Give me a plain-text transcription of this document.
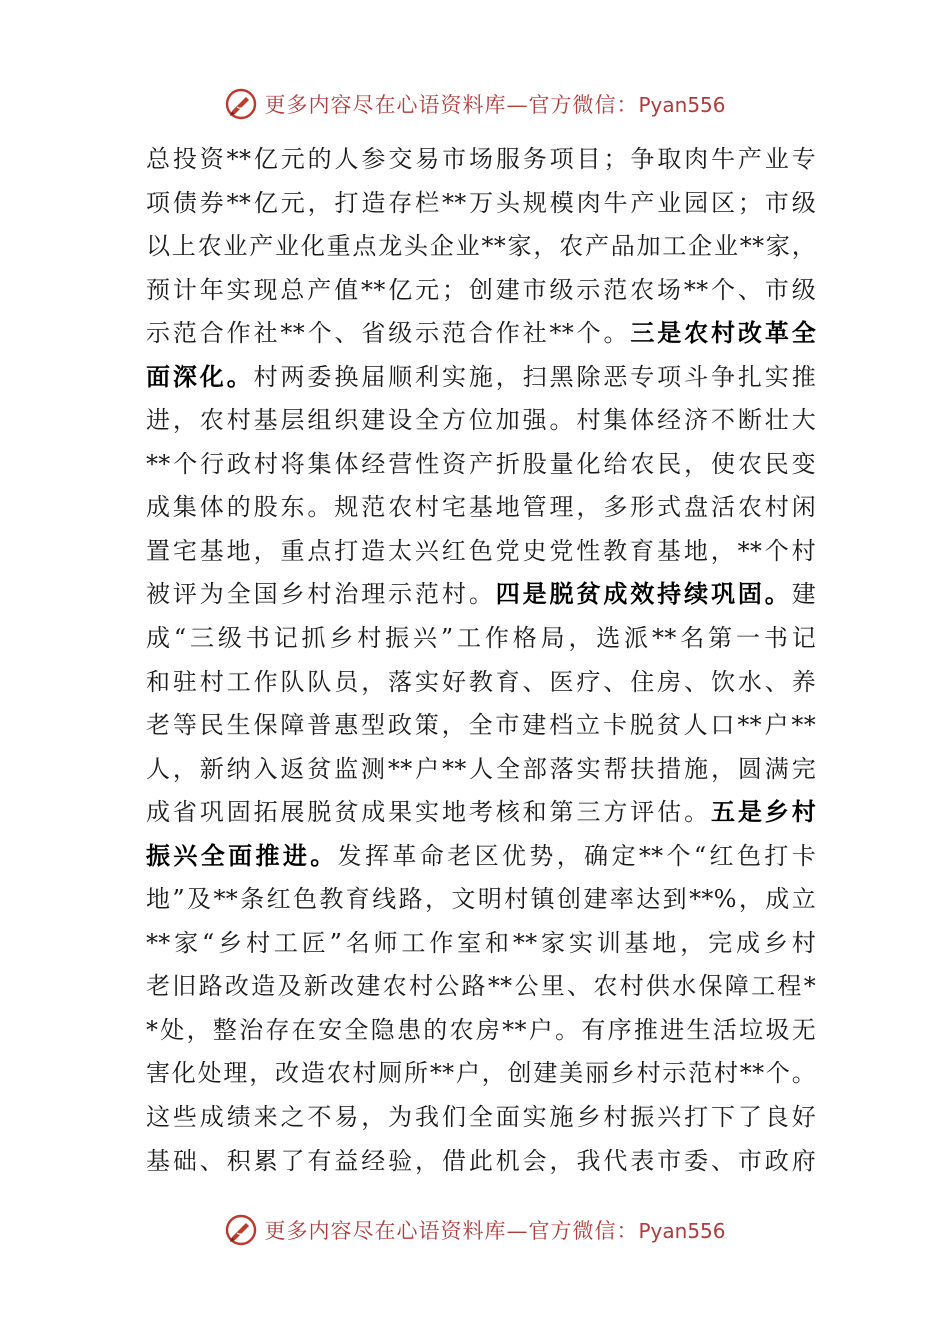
更多内容尽在心语资料库—官方微信：Pyan556
总投资**亿元的人参交易市场服务项目；争取肉牛产业专
项债券**亿元，打造存栏**万头规模肉牛产业园区；市级
以上农业产业化重点龙头企业**家，农产品加工企业**家，
预计年实现总产值**亿元；创建市级示范农场**个、市级
示范合作社**个、省级示范合作社**个。三是农村改革全
面深化。村两委换届顺利实施，扫黑除恶专项斗争扎实推
进，农村基层组织建设全方位加强。村集体经济不断壮大
**个行政村将集体经营性资产折股量化给农民，使农民变
成集体的股东。规范农村宅基地管理，多形式盘活农村闲
置宅基地，重点打造太兴红色党史党性教育基地，**个村
被评为全国乡村治理示范村。四是脱贫成效持续巩固。建
成“三级书记抓乡村振兴”工作格局，选派**名第一书记
和驻村工作队队员，落实好教育、医疗、住房、饮水、养
老等民生保障普惠型政策，全市建档立卡脱贫人口**户**
人，新纳入返贫监测**户**人全部落实帮扶措施，圆满完
成省巩固拓展脱贫成果实地考核和第三方评估。五是乡村
振兴全面推进。发挥革命老区优势，确定**个“红色打卡
地”及**条红色教育线路，文明村镇创建率达到**%，成立
**家“乡村工匠”名师工作室和**家实训基地，完成乡村
老旧路改造及新改建农村公路**公里、农村供水保障工程*
*处，整治存在安全隐患的农房**户。有序推进生活垃圾无
害化处理，改造农村厕所**户，创建美丽乡村示范村**个。
这些成绩来之不易，为我们全面实施乡村振兴打下了良好
基础、积累了有益经验，借此机会，我代表市委、市政府
更多内容尽在心语资料库—官方微信：Pyan556
